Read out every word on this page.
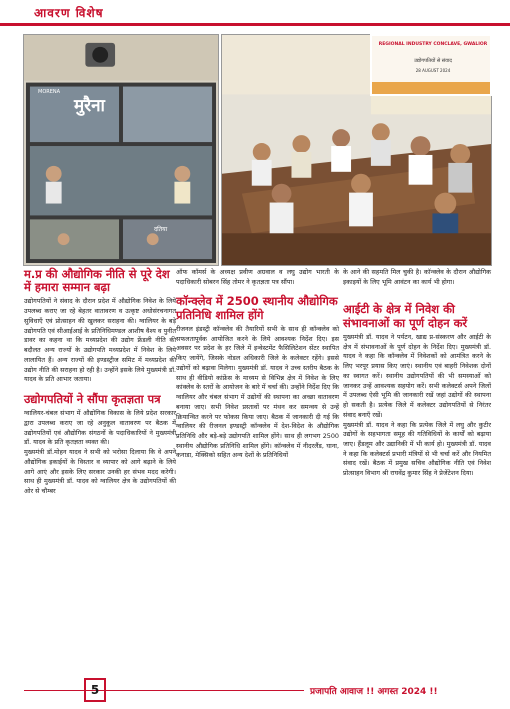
आवरण विशेष
मुरैना
MORENA
दतिया
REGIONAL INDUSTRY CONCLAVE, GWALIOR
उद्योगपतियों से संवाद
28 AUGUST 2024
म.प्र की औद्योगिक नीति से पूरे देश में हमारा सम्मान बढ़ा
उद्योगपतियों ने संवाद के दौरान प्रदेश में औद्योगिक निवेश के लिये उपलब्ध कराए जा रहे बेहतर वातावरण व उत्कृष्ट अधोसंरचनागत सुविधाएँ एवं प्रोत्साहन की खुलकर सराहना की। ग्वालियर के बड़े उद्योगपति एवं सीआईआई के प्रतिनिधिमण्डल आशीष वैश्य व पुनीत डावर का कहना था कि मध्यप्रदेश की उद्योग फ्रेंडली नीति की बदौलत अन्य राज्यों के उद्योगपति मध्यप्रदेश में निवेश के लिये लालायित हैं। अन्य राज्यों की इण्डस्ट्रीज समिट में मध्यप्रदेश की उद्योग नीति की सराहना हो रही है। उन्होंने इसके लिये मुख्यमंत्री डॉ. यादव के प्रति आभार जताया।
उद्योगपतियों ने सौंपा कृतज्ञता पत्र
ग्वालियर-चंबल संभाग में औद्योगिक विकास के लिये प्रदेश सरकार द्वारा उपलब्ध कराए जा रहे अनुकूल वातावरण पर बैठक में उद्योगपतियों एवं औद्योगिक संगठनों के पदाधिकारियों ने मुख्यमंत्री डॉ. यादव के प्रति कृतज्ञता व्यक्त की।
मुख्यमंत्री डॉ.मोहन यादव ने सभी को भरोसा दिलाया कि वे अपने औद्योगिक इकाईयों के विस्तार व व्यापार को आगे बढ़ाने के लिये आगे आएं और इसके लिए सरकार उनकी हर संभव मदद करेगी। साथ ही मुख्यमंत्री डॉ. यादव को ग्वालियर क्षेत्र के उद्योगपतियों की ओर से चौम्बर
ऑफ कॉमर्स के अध्यक्ष प्रवीण अग्रवाल व लघु उद्योग भारती के पदाधिकारी सोबरन सिंह तोमर ने कृतज्ञता पत्र सौंपा।
कॉन्क्लेव में 2500 स्थानीय औद्योगिक प्रतिनिधि शामिल होंगे
रीजनल इंडस्ट्री कॉन्क्लेव की तैयारियों सभी के साथ ही कॉन्क्लेव को सफलतापूर्वक आयोजित करने के लिये आवश्यक निर्देश दिए। इस अवसर पर प्रदेश के हर जिले में इन्वेस्टमेंट फैसिलिटेशन सेंटर स्थापित किए जायेंगे, जिसके नोडल अधिकारी जिले के कलेक्टर रहेंगे। इससे उद्योगों को बढ़ावा मिलेगा। मुख्यमंत्री डॉ. यादव ने उच्च स्तरीय बैठक के साथ ही वीडियो कांफ्रेंस के माध्यम से विभिन्न क्षेत्र में निवेश के लिए कांक्लेव के स्तरों के आयोजन के बारे में चर्चा की। उन्होंने निर्देश दिए कि ग्वालियर और चंबल संभाग में उद्योगों की स्थापना का अच्छा वातावरण बनाया जाए। सभी निवेश प्रस्तावों पर मंथन कर समन्वय से उन्हें क्रियान्वित करने पर फोकस किया जाए। बैठक में जानकारी दी गई कि ग्वालियर की रीजनल इण्डस्ट्री कॉन्क्लेव में देश-विदेश के औद्योगिक प्रतिनिधि और बड़े-बड़े उद्योगपति शामिल होंगे। साथ ही लगभग 2500 स्थानीय औद्योगिक प्रतिनिधि शामिल होंगे। कॉन्क्लेव में नीदरलैंड, घाना, कनाडा, मेक्सिको सहित अन्य देशों के प्रतिनिधियों
के आने की सहमति मिल चुकी है। कॉन्क्लेव के दौरान औद्योगिक इकाइयों के लिए भूमि आवंटन का कार्य भी होगा।
आईटी के क्षेत्र में निवेश की संभावनाओं का पूर्ण दोहन करें
मुख्यमंत्री डॉ. यादव ने पर्यटन, खाद्य प्र-संस्करण और आईटी के क्षेत्र में संभावनाओं के पूर्ण दोहन के निर्देश दिए। मुख्यमंत्री डॉ. यादव ने कहा कि कॉन्क्लेव में निवेशकों को आमंत्रित करने के लिए भरपूर प्रयास किए जाएं। स्थानीय एवं बाहरी निवेशक दोनों का स्वागत करें। स्थानीय उद्योगपतियों की भी समस्याओं को जानकर उन्हें आवश्यक सहयोग करें। सभी कलेक्टर्स अपने जिलों में उपलब्ध ऐसी भूमि की जानकारी रखें जहां उद्योगों की स्थापना हो सकती है। प्रत्येक जिले में कलेक्टर उद्योगपतियों से निरंतर संवाद बनाएँ रखें।
मुख्यमंत्री डॉ. यादव ने कहा कि प्रत्येक जिले में लघु और कुटीर उद्योगों के सहभागता समूह की गतिविधियों के कार्यों को बढ़ाया जाए। हैंडलूम और उद्यानिकी में भी कार्य हो। मुख्यमंत्री डॉ. यादव ने कहा कि कलेक्टर्स प्रभारी मंत्रियों से भी चर्चा करें और नियमित संवाद रखें। बैठक में प्रमुख सचिव औद्योगिक नीति एवं निवेश प्रोत्साहन विभाग श्री राघवेंद्र कुमार सिंह ने प्रेजेंटेशन दिया।
5	प्रजापति आवाज !! अगस्त 2024 !!
